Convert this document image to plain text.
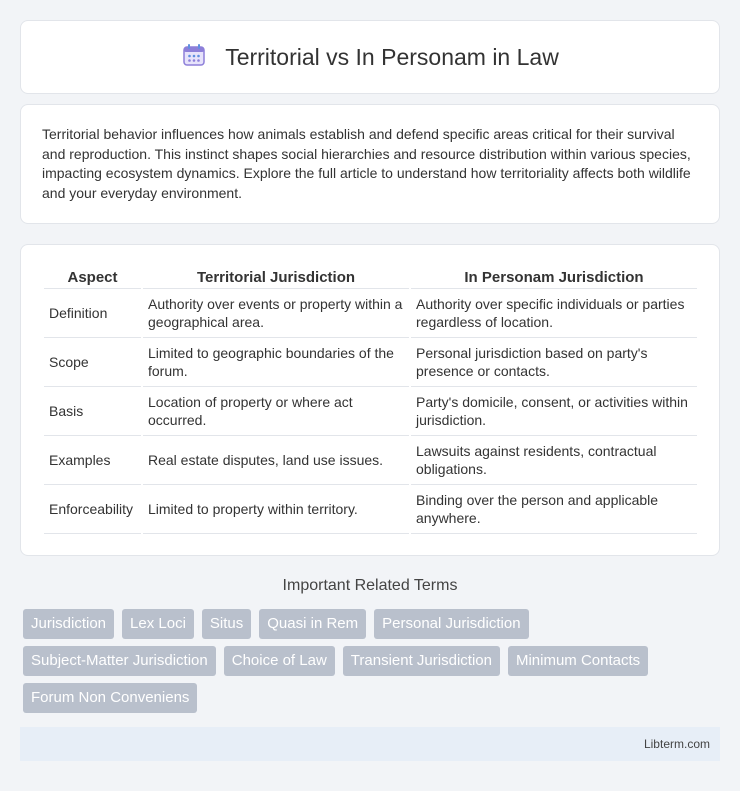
Territorial vs In Personam in Law

Territorial behavior influences how animals establish and defend specific areas critical for their survival and reproduction. This instinct shapes social hierarchies and resource distribution within various species, impacting ecosystem dynamics. Explore the full article to understand how territoriality affects both wildlife and your everyday environment.

Aspect	Territorial Jurisdiction	In Personam Jurisdiction
Definition	Authority over events or property within a geographical area.	Authority over specific individuals or parties regardless of location.
Scope	Limited to geographic boundaries of the forum.	Personal jurisdiction based on party's presence or contacts.
Basis	Location of property or where act occurred.	Party's domicile, consent, or activities within jurisdiction.
Examples	Real estate disputes, land use issues.	Lawsuits against residents, contractual obligations.
Enforceability	Limited to property within territory.	Binding over the person and applicable anywhere.
Important Related Terms
Jurisdiction	Lex Loci	Situs	Quasi in Rem	Personal Jurisdiction
Subject-Matter Jurisdiction	Choice of Law	Transient Jurisdiction	Minimum Contacts
Forum Non Conveniens
Libterm.com
